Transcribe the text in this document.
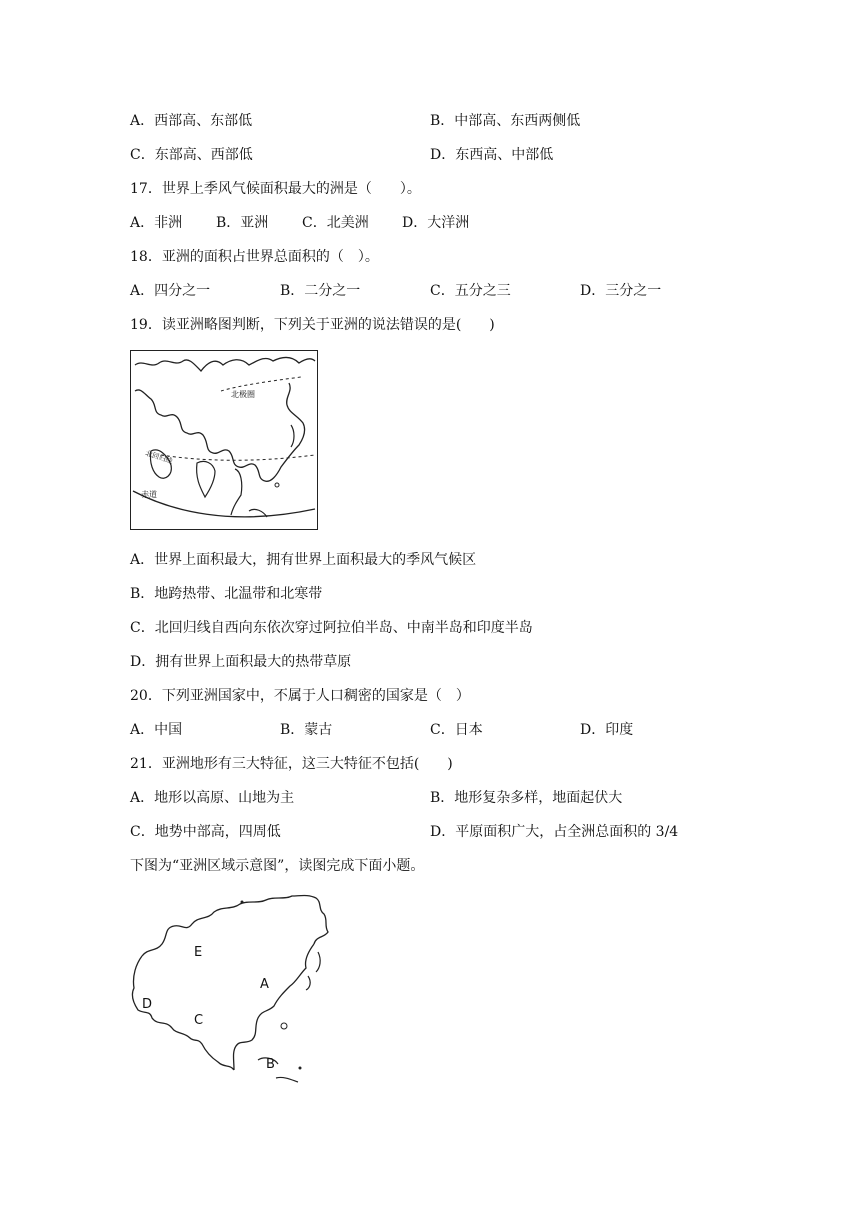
A．西部高、东部低	B．中部高、东西两侧低
C．东部高、西部低	D．东西高、中部低
17．世界上季风气候面积最大的洲是（　　）。
A．非洲 B．亚洲 C．北美洲 D．大洋洲
18．亚洲的面积占世界总面积的（　）。
A．四分之一	B．二分之一	C．五分之三	D．三分之一
19．读亚洲略图判断，下列关于亚洲的说法错误的是(　　)
北极圈
北回归线
赤道
A．世界上面积最大，拥有世界上面积最大的季风气候区
B．地跨热带、北温带和北寒带
C．北回归线自西向东依次穿过阿拉伯半岛、中南半岛和印度半岛
D．拥有世界上面积最大的热带草原
20．下列亚洲国家中，不属于人口稠密的国家是（　）
A．中国	B．蒙古	C．日本	D．印度
21．亚洲地形有三大特征，这三大特征不包括(　　)
A．地形以高原、山地为主	B．地形复杂多样，地面起伏大
C．地势中部高，四周低	D．平原面积广大，占全洲总面积的 3/4
下图为“亚洲区域示意图”，读图完成下面小题。
E
A
D
C
B
